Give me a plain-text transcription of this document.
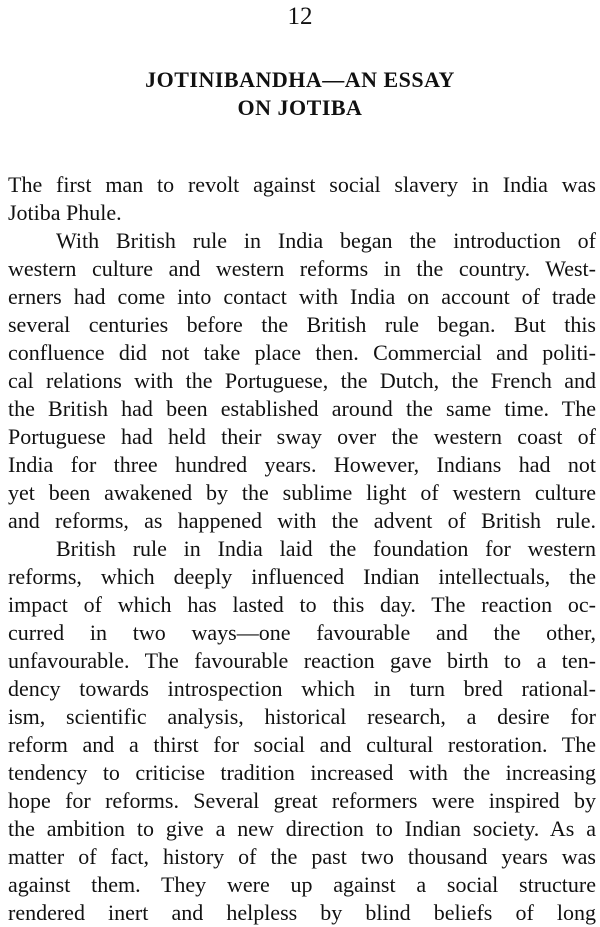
12
JOTINIBANDHA—AN ESSAY
ON JOTIBA
The first man to revolt against social slavery in India was
Jotiba Phule.
With British rule in India began the introduction of
western culture and western reforms in the country. West-
erners had come into contact with India on account of trade
several centuries before the British rule began. But this
confluence did not take place then. Commercial and politi-
cal relations with the Portuguese, the Dutch, the French and
the British had been established around the same time. The
Portuguese had held their sway over the western coast of
India for three hundred years. However, Indians had not
yet been awakened by the sublime light of western culture
and reforms, as happened with the advent of British rule.
British rule in India laid the foundation for western
reforms, which deeply influenced Indian intellectuals, the
impact of which has lasted to this day. The reaction oc-
curred in two ways—one favourable and the other,
unfavourable. The favourable reaction gave birth to a ten-
dency towards introspection which in turn bred rational-
ism, scientific analysis, historical research, a desire for
reform and a thirst for social and cultural restoration. The
tendency to criticise tradition increased with the increasing
hope for reforms. Several great reformers were inspired by
the ambition to give a new direction to Indian society. As a
matter of fact, history of the past two thousand years was
against them. They were up against a social structure
rendered inert and helpless by blind beliefs of long
